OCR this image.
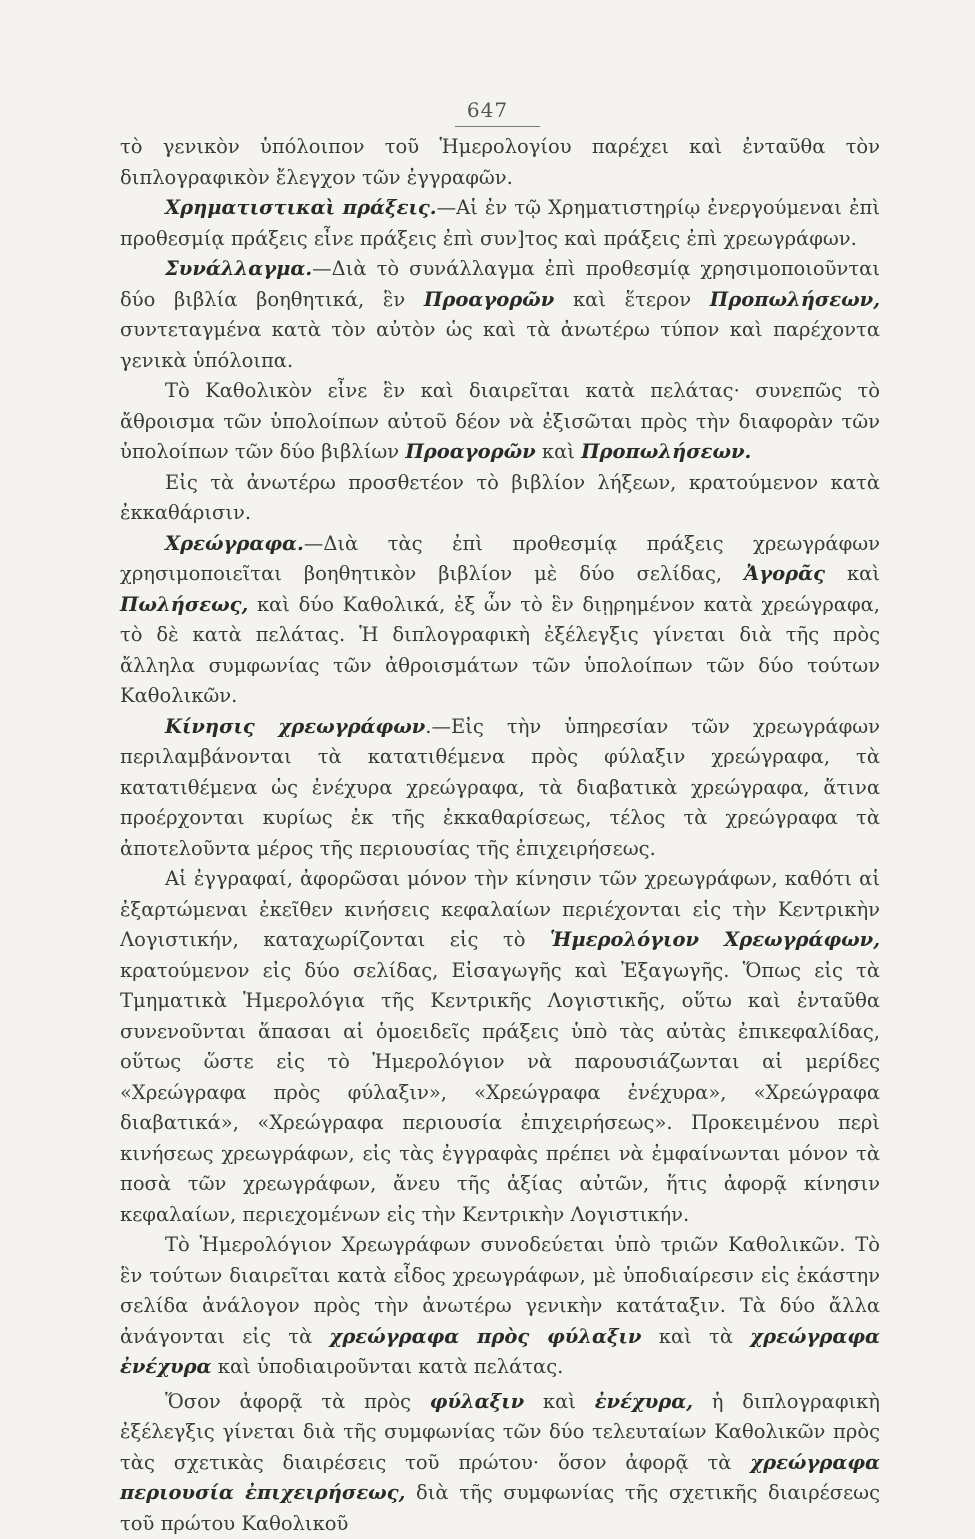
647

τὸ γενικὸν ὑπόλοιπον τοῦ Ἡμερολογίου παρέχει καὶ ἐνταῦθα τὸν διπλογραφικὸν ἔλεγχον τῶν ἐγγραφῶν.

Χρηματιστικαὶ πράξεις.—Αἱ ἐν τῷ Χρηματιστηρίῳ ἐνεργούμεναι ἐπὶ προθεσμίᾳ πράξεις εἶνε πράξεις ἐπὶ συν]τος καὶ πράξεις ἐπὶ χρεωγράφων.

Συνάλλαγμα.—Διὰ τὸ συνάλλαγμα ἐπὶ προθεσμίᾳ χρησιμοποιοῦνται δύο βιβλία βοηθητικά, ἓν Προαγορῶν καὶ ἕτερον Προπωλήσεων, συντεταγμένα κατὰ τὸν αὐτὸν ὡς καὶ τὰ ἀνωτέρω τύπον καὶ παρέχοντα γενικὰ ὑπόλοιπα.

Τὸ Καθολικὸν εἶνε ἓν καὶ διαιρεῖται κατὰ πελάτας· συνεπῶς τὸ ἄθροισμα τῶν ὑπολοίπων αὐτοῦ δέον νὰ ἐξισῶται πρὸς τὴν διαφορὰν τῶν ὑπολοίπων τῶν δύο βιβλίων Προαγορῶν καὶ Προπωλήσεων.

Εἰς τὰ ἀνωτέρω προσθετέον τὸ βιβλίον λήξεων, κρατούμενον κατὰ ἐκκαθάρισιν.

Χρεώγραφα.—Διὰ τὰς ἐπὶ προθεσμίᾳ πράξεις χρεωγράφων χρησιμοποιεῖται βοηθητικὸν βιβλίον μὲ δύο σελίδας, Ἀγορᾶς καὶ Πωλήσεως, καὶ δύο Καθολικά, ἐξ ὧν τὸ ἓν διῃρημένον κατὰ χρεώγραφα, τὸ δὲ κατὰ πελάτας. Ἡ διπλογραφικὴ ἐξέλεγξις γίνεται διὰ τῆς πρὸς ἄλληλα συμφωνίας τῶν ἀθροισμάτων τῶν ὑπολοίπων τῶν δύο τούτων Καθολικῶν.

Κίνησις χρεωγράφων.—Εἰς τὴν ὑπηρεσίαν τῶν χρεωγράφων περιλαμβάνονται τὰ κατατιθέμενα πρὸς φύλαξιν χρεώγραφα, τὰ κατατιθέμενα ὡς ἐνέχυρα χρεώγραφα, τὰ διαβατικὰ χρεώγραφα, ἅτινα προέρχονται κυρίως ἐκ τῆς ἐκκαθαρίσεως, τέλος τὰ χρεώγραφα τὰ ἀποτελοῦντα μέρος τῆς περιουσίας τῆς ἐπιχειρήσεως.

Αἱ ἐγγραφαί, ἀφορῶσαι μόνον τὴν κίνησιν τῶν χρεωγράφων, καθότι αἱ ἐξαρτώμεναι ἐκεῖθεν κινήσεις κεφαλαίων περιέχονται εἰς τὴν Κεντρικὴν Λογιστικήν, καταχωρίζονται εἰς τὸ Ἡμερολόγιον Χρεωγράφων, κρατούμενον εἰς δύο σελίδας, Εἰσαγωγῆς καὶ Ἐξαγωγῆς. Ὅπως εἰς τὰ Τμηματικὰ Ἡμερολόγια τῆς Κεντρικῆς Λογιστικῆς, οὕτω καὶ ἐνταῦθα συνενοῦνται ἅπασαι αἱ ὁμοειδεῖς πράξεις ὑπὸ τὰς αὐτὰς ἐπικεφαλίδας, οὕτως ὥστε εἰς τὸ Ἡμερολόγιον νὰ παρουσιάζωνται αἱ μερίδες «Χρεώγραφα πρὸς φύλαξιν», «Χρεώγραφα ἐνέχυρα», «Χρεώγραφα διαβατικά», «Χρεώγραφα περιουσία ἐπιχειρήσεως». Προκειμένου περὶ κινήσεως χρεωγράφων, εἰς τὰς ἐγγραφὰς πρέπει νὰ ἐμφαίνωνται μόνον τὰ ποσὰ τῶν χρεωγράφων, ἄνευ τῆς ἀξίας αὐτῶν, ἥτις ἀφορᾷ κίνησιν κεφαλαίων, περιεχομένων εἰς τὴν Κεντρικὴν Λογιστικήν.

Τὸ Ἡμερολόγιον Χρεωγράφων συνοδεύεται ὑπὸ τριῶν Καθολικῶν. Τὸ ἓν τούτων διαιρεῖται κατὰ εἶδος χρεωγράφων, μὲ ὑποδιαίρεσιν εἰς ἑκάστην σελίδα ἀνάλογον πρὸς τὴν ἀνωτέρω γενικὴν κατάταξιν. Τὰ δύο ἄλλα ἀνάγονται εἰς τὰ χρεώγραφα πρὸς φύλαξιν καὶ τὰ χρεώγραφα ἐνέχυρα καὶ ὑποδιαιροῦνται κατὰ πελάτας.

Ὅσον ἀφορᾷ τὰ πρὸς φύλαξιν καὶ ἐνέχυρα, ἡ διπλογραφικὴ ἐξέλεγξις γίνεται διὰ τῆς συμφωνίας τῶν δύο τελευταίων Καθολικῶν πρὸς τὰς σχετικὰς διαιρέσεις τοῦ πρώτου· ὅσον ἀφορᾷ τὰ χρεώγραφα περιουσία ἐπιχειρήσεως, διὰ τῆς συμφωνίας τῆς σχετικῆς διαιρέσεως τοῦ πρώτου Καθολικοῦ
